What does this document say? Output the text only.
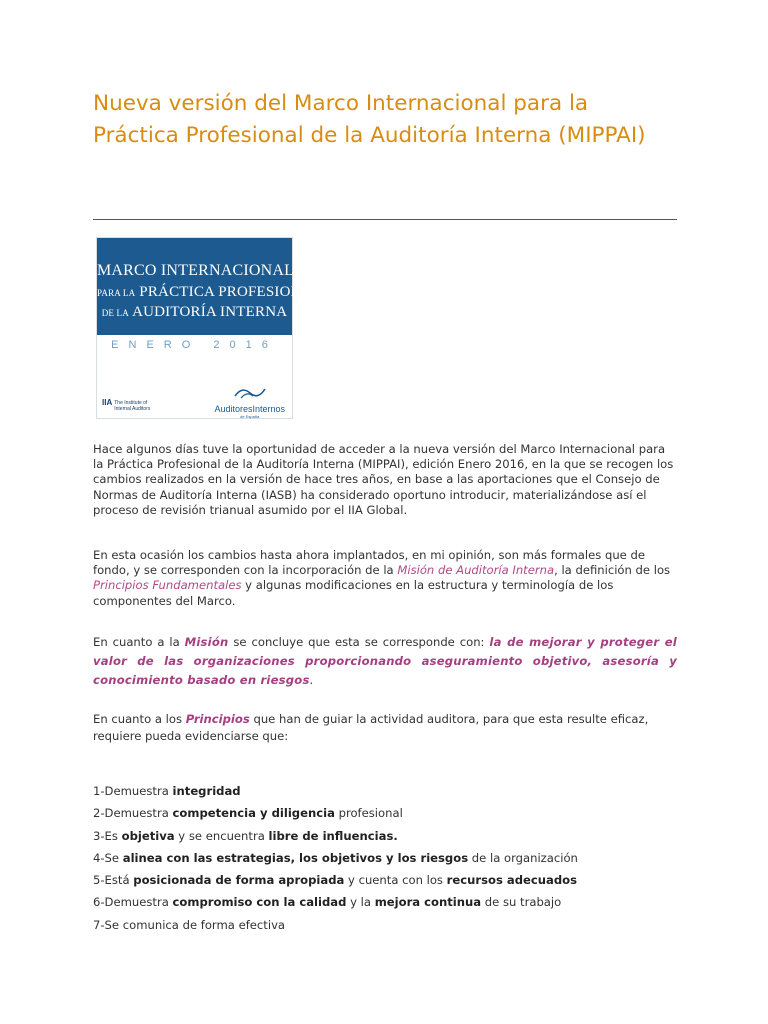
Nueva versión del Marco Internacional para la Práctica Profesional de la Auditoría Interna (MIPPAI)
MARCO INTERNACIONAL
PARA LA PRÁCTICA PROFESIONAL
DE LA AUDITORÍA INTERNA
ENERO 2016
IIA The Institute of Internal Auditors	AuditoresInternos
de España

Hace algunos días tuve la oportunidad de acceder a la nueva versión del Marco Internacional para la Práctica Profesional de la Auditoría Interna (MIPPAI), edición Enero 2016, en la que se recogen los cambios realizados en la versión de hace tres años, en base a las aportaciones que el Consejo de Normas de Auditoría Interna (IASB) ha considerado oportuno introducir, materializándose así el proceso de revisión trianual asumido por el IIA Global.

En esta ocasión los cambios hasta ahora implantados, en mi opinión, son más formales que de fondo, y se corresponden con la incorporación de la Misión de Auditoría Interna, la definición de los Principios Fundamentales y algunas modificaciones en la estructura y terminología de los componentes del Marco.

En cuanto a la Misión se concluye que esta se corresponde con: la de mejorar y proteger el valor de las organizaciones proporcionando aseguramiento objetivo, asesoría y conocimiento basado en riesgos.

En cuanto a los Principios que han de guiar la actividad auditora, para que esta resulte eficaz, requiere pueda evidenciarse que:

1-Demuestra integridad
2-Demuestra competencia y diligencia profesional
3-Es objetiva y se encuentra libre de influencias.
4-Se alinea con las estrategias, los objetivos y los riesgos de la organización
5-Está posicionada de forma apropiada y cuenta con los recursos adecuados
6-Demuestra compromiso con la calidad y la mejora continua de su trabajo
7-Se comunica de forma efectiva
